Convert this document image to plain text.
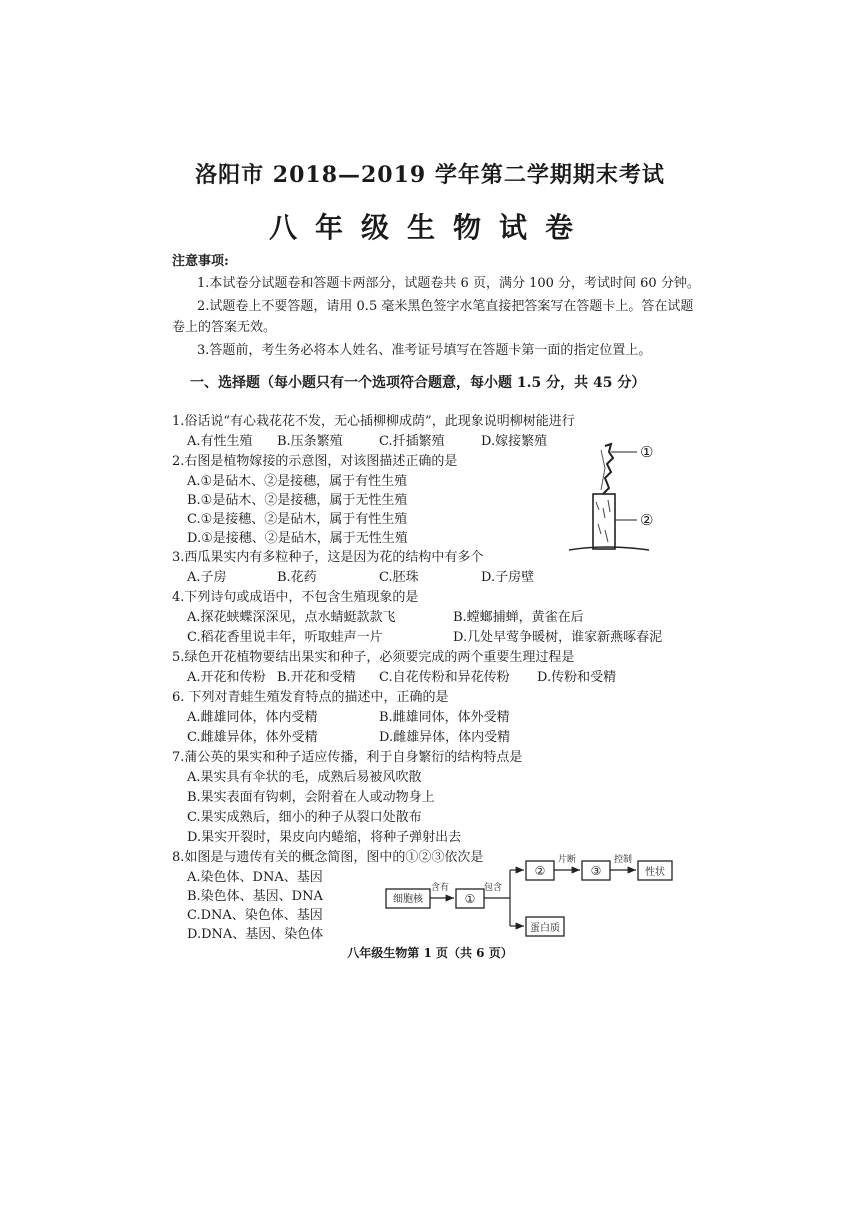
洛阳市 2018—2019 学年第二学期期末考试
八年级生物试卷
注意事项:
1.本试卷分试题卷和答题卡两部分，试题卷共 6 页，满分 100 分，考试时间 60 分钟。
2.试题卷上不要答题，请用 0.5 毫米黑色签字水笔直接把答案写在答题卡上。答在试题
卷上的答案无效。
3.答题前，考生务必将本人姓名、准考证号填写在答题卡第一面的指定位置上。
一、选择题（每小题只有一个选项符合题意，每小题 1.5 分，共 45 分）
1.俗话说“有心栽花花不发，无心插柳柳成荫”，此现象说明柳树能进行
A.有性生殖 B.压条繁殖	C.扦插繁殖	D.嫁接繁殖
2.右图是植物嫁接的示意图，对该图描述正确的是
A.①是砧木、②是接穗，属于有性生殖
B.①是砧木、②是接穗，属于无性生殖
C.①是接穗、②是砧木，属于有性生殖
D.①是接穗、②是砧木，属于无性生殖
①
②
3.西瓜果实内有多粒种子，这是因为花的结构中有多个
A.子房	B.花药	C.胚珠	D.子房壁
4.下列诗句或成语中，不包含生殖现象的是
A.探花蛱蝶深深见，点水蜻蜓款款飞	B.螳螂捕蝉，黄雀在后
C.稻花香里说丰年，听取蛙声一片	D.几处早莺争暖树，谁家新燕啄春泥
5.绿色开花植物要结出果实和种子，必须要完成的两个重要生理过程是
A.开花和传粉 B.开花和受精 C.自花传粉和异花传粉 D.传粉和受精
6. 下列对青蛙生殖发育特点的描述中，正确的是
A.雌雄同体，体内受精	B.雌雄同体，体外受精
C.雌雄异体，体外受精	D.雌雄异体，体内受精
7.蒲公英的果实和种子适应传播，利于自身繁衍的结构特点是
A.果实具有伞状的毛，成熟后易被风吹散
B.果实表面有钩刺，会附着在人或动物身上
C.果实成熟后，细小的种子从裂口处散布
D.果实开裂时，果皮向内蜷缩，将种子弹射出去
8.如图是与遗传有关的概念简图，图中的①②③依次是
A.染色体、DNA、基因
B.染色体、基因、DNA
C.DNA、染色体、基因
D.DNA、基因、染色体
细胞核
含有
①
包含
②
片断
③
控制
性状
蛋白质
八年级生物第 1 页（共 6 页）
